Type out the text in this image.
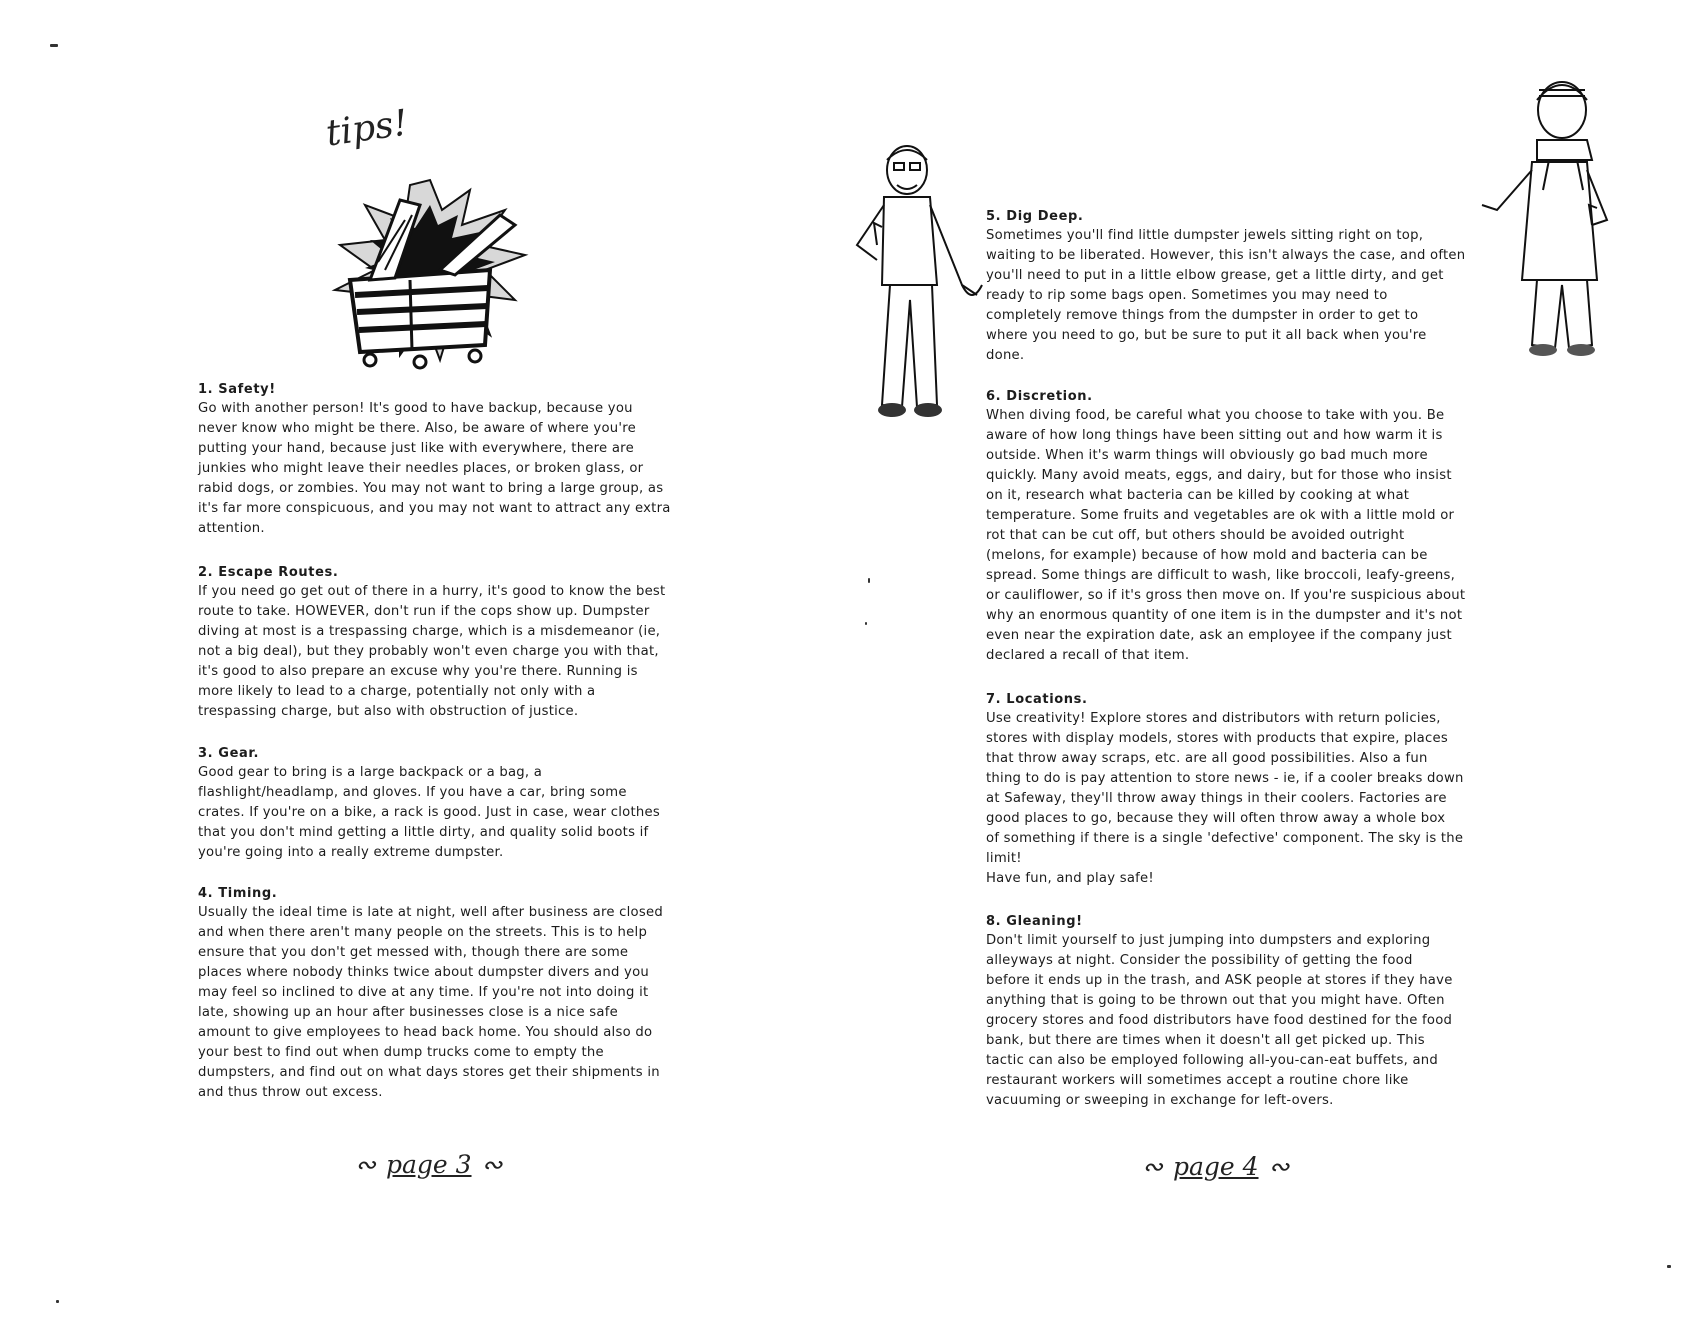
tips!

1. Safety!

Go with another person! It's good to have backup, because you
never know who might be there. Also, be aware of where you're
putting your hand, because just like with everywhere, there are
junkies who might leave their needles places, or broken glass, or
rabid dogs, or zombies. You may not want to bring a large group, as
it's far more conspicuous, and you may not want to attract any extra
attention.

2. Escape Routes.

If you need go get out of there in a hurry, it's good to know the best
route to take. HOWEVER, don't run if the cops show up. Dumpster
diving at most is a trespassing charge, which is a misdemeanor (ie,
not a big deal), but they probably won't even charge you with that,
it's good to also prepare an excuse why you're there. Running is
more likely to lead to a charge, potentially not only with a
trespassing charge, but also with obstruction of justice.

3. Gear.

Good gear to bring is a large backpack or a bag, a
flashlight/headlamp, and gloves. If you have a car, bring some
crates. If you're on a bike, a rack is good. Just in case, wear clothes
that you don't mind getting a little dirty, and quality solid boots if
you're going into a really extreme dumpster.

4. Timing.

Usually the ideal time is late at night, well after business are closed
and when there aren't many people on the streets. This is to help
ensure that you don't get messed with, though there are some
places where nobody thinks twice about dumpster divers and you
may feel so inclined to dive at any time. If you're not into doing it
late, showing up an hour after businesses close is a nice safe
amount to give employees to head back home. You should also do
your best to find out when dump trucks come to empty the
dumpsters, and find out on what days stores get their shipments in
and thus throw out excess.

∾ page 3 ∾

5. Dig Deep.

Sometimes you'll find little dumpster jewels sitting right on top,
waiting to be liberated. However, this isn't always the case, and often
you'll need to put in a little elbow grease, get a little dirty, and get
ready to rip some bags open. Sometimes you may need to
completely remove things from the dumpster in order to get to
where you need to go, but be sure to put it all back when you're
done.

6. Discretion.

When diving food, be careful what you choose to take with you. Be
aware of how long things have been sitting out and how warm it is
outside. When it's warm things will obviously go bad much more
quickly. Many avoid meats, eggs, and dairy, but for those who insist
on it, research what bacteria can be killed by cooking at what
temperature. Some fruits and vegetables are ok with a little mold or
rot that can be cut off, but others should be avoided outright
(melons, for example) because of how mold and bacteria can be
spread. Some things are difficult to wash, like broccoli, leafy-greens,
or cauliflower, so if it's gross then move on. If you're suspicious about
why an enormous quantity of one item is in the dumpster and it's not
even near the expiration date, ask an employee if the company just
declared a recall of that item.

7. Locations.

Use creativity! Explore stores and distributors with return policies,
stores with display models, stores with products that expire, places
that throw away scraps, etc. are all good possibilities. Also a fun
thing to do is pay attention to store news - ie, if a cooler breaks down
at Safeway, they'll throw away things in their coolers. Factories are
good places to go, because they will often throw away a whole box
of something if there is a single 'defective' component. The sky is the
limit!
Have fun, and play safe!

8. Gleaning!

Don't limit yourself to just jumping into dumpsters and exploring
alleyways at night. Consider the possibility of getting the food
before it ends up in the trash, and ASK people at stores if they have
anything that is going to be thrown out that you might have. Often
grocery stores and food distributors have food destined for the food
bank, but there are times when it doesn't all get picked up. This
tactic can also be employed following all-you-can-eat buffets, and
restaurant workers will sometimes accept a routine chore like
vacuuming or sweeping in exchange for left-overs.

∾ page 4 ∾
